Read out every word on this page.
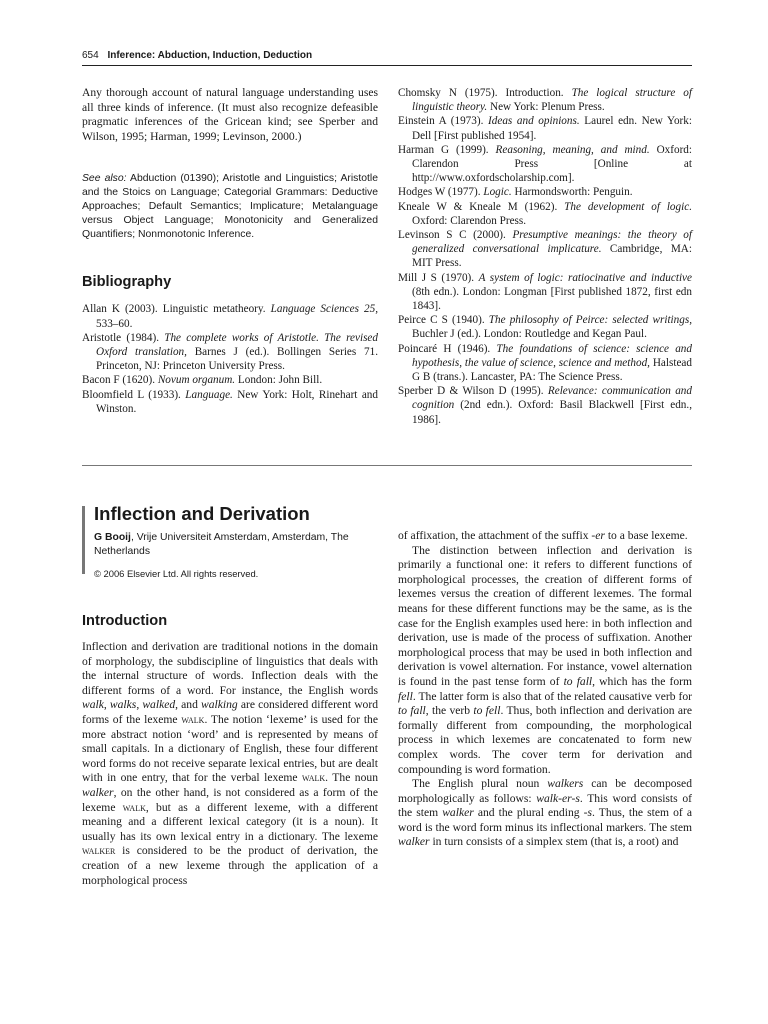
654 Inference: Abduction, Induction, Deduction

Any thorough account of natural language understanding uses all three kinds of inference. (It must also recognize defeasible pragmatic inferences of the Gricean kind; see Sperber and Wilson, 1995; Harman, 1999; Levinson, 2000.)

See also: Abduction (01390); Aristotle and Linguistics; Aristotle and the Stoics on Language; Categorial Grammars: Deductive Approaches; Default Semantics; Implicature; Metalanguage versus Object Language; Monotonicity and Generalized Quantifiers; Nonmonotonic Inference.

Bibliography

Allan K (2003). Linguistic metatheory. Language Sciences 25, 533–60.

Aristotle (1984). The complete works of Aristotle. The revised Oxford translation, Barnes J (ed.). Bollingen Series 71. Princeton, NJ: Princeton University Press.

Bacon F (1620). Novum organum. London: John Bill.

Bloomfield L (1933). Language. New York: Holt, Rinehart and Winston.

Chomsky N (1975). Introduction. The logical structure of linguistic theory. New York: Plenum Press.

Einstein A (1973). Ideas and opinions. Laurel edn. New York: Dell [First published 1954].

Harman G (1999). Reasoning, meaning, and mind. Oxford: Clarendon Press [Online at http://www.oxfordscholarship.com].

Hodges W (1977). Logic. Harmondsworth: Penguin.

Kneale W & Kneale M (1962). The development of logic. Oxford: Clarendon Press.

Levinson S C (2000). Presumptive meanings: the theory of generalized conversational implicature. Cambridge, MA: MIT Press.

Mill J S (1970). A system of logic: ratiocinative and inductive (8th edn.). London: Longman [First published 1872, first edn 1843].

Peirce C S (1940). The philosophy of Peirce: selected writings, Buchler J (ed.). London: Routledge and Kegan Paul.

Poincaré H (1946). The foundations of science: science and hypothesis, the value of science, science and method, Halstead G B (trans.). Lancaster, PA: The Science Press.

Sperber D & Wilson D (1995). Relevance: communication and cognition (2nd edn.). Oxford: Basil Blackwell [First edn., 1986].

Inflection and Derivation
G Booij, Vrije Universiteit Amsterdam, Amsterdam, The Netherlands
© 2006 Elsevier Ltd. All rights reserved.
Introduction

Inflection and derivation are traditional notions in the domain of morphology, the subdiscipline of linguistics that deals with the internal structure of words. Inflection deals with the different forms of a word. For instance, the English words walk, walks, walked, and walking are considered different word forms of the lexeme walk. The notion ‘lexeme’ is used for the more abstract notion ‘word’ and is represented by means of small capitals. In a dictionary of English, these four different word forms do not receive separate lexical entries, but are dealt with in one entry, that for the verbal lexeme walk. The noun walker, on the other hand, is not considered as a form of the lexeme walk, but as a different lexeme, with a different meaning and a different lexical category (it is a noun). It usually has its own lexical entry in a dictionary. The lexeme walker is considered to be the product of derivation, the creation of a new lexeme through the application of a morphological process

of affixation, the attachment of the suffix -er to a base lexeme.

The distinction between inflection and derivation is primarily a functional one: it refers to different functions of morphological processes, the creation of different forms of lexemes versus the creation of different lexemes. The formal means for these different functions may be the same, as is the case for the English examples used here: in both inflection and derivation, use is made of the process of suffixation. Another morphological process that may be used in both inflection and derivation is vowel alternation. For instance, vowel alternation is found in the past tense form of to fall, which has the form fell. The latter form is also that of the related causative verb for to fall, the verb to fell. Thus, both inflection and derivation are formally different from compounding, the morphological process in which lexemes are concatenated to form new complex words. The cover term for derivation and compounding is word formation.

The English plural noun walkers can be decomposed morphologically as follows: walk-er-s. This word consists of the stem walker and the plural ending -s. Thus, the stem of a word is the word form minus its inflectional markers. The stem walker in turn consists of a simplex stem (that is, a root) and
